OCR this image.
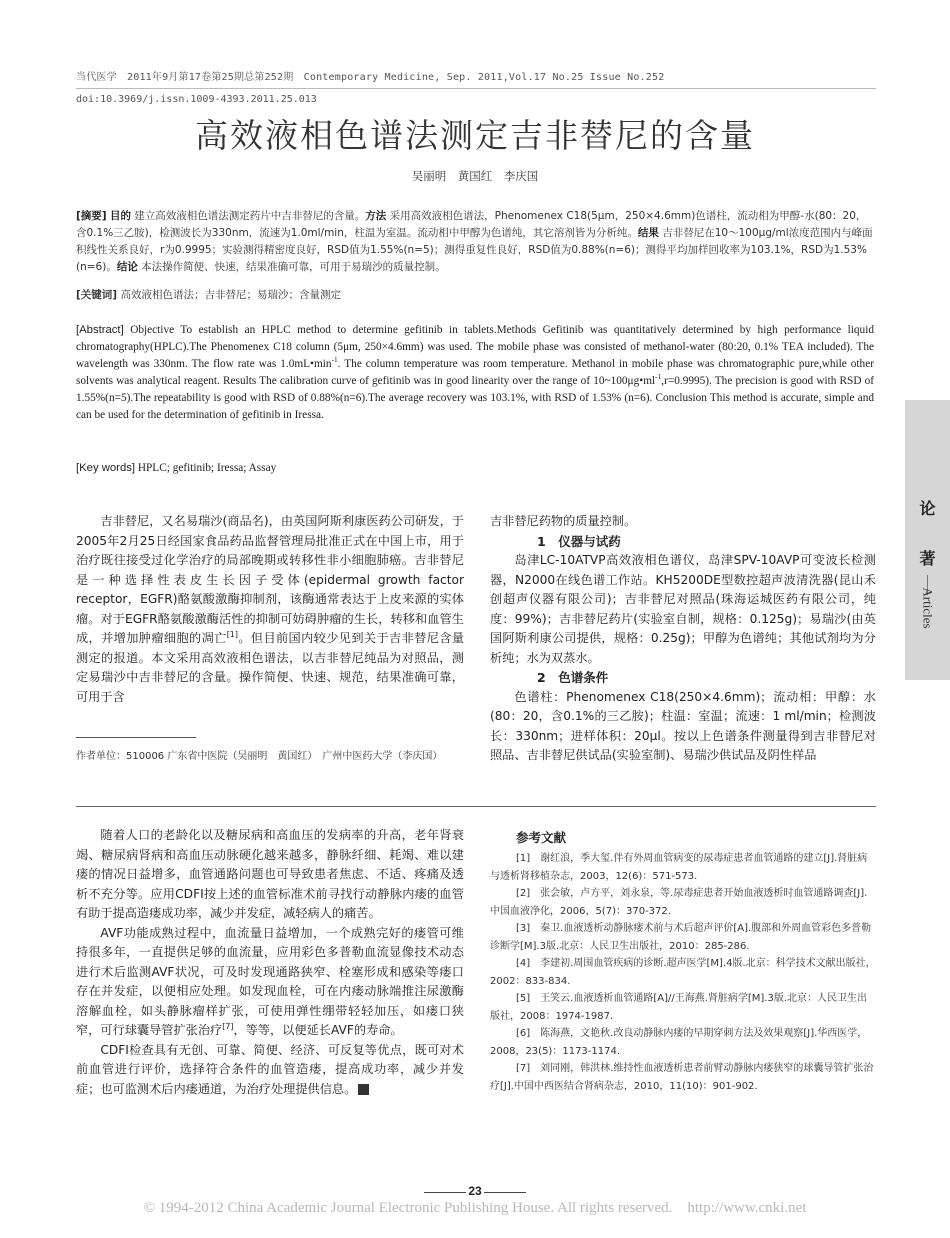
当代医学　2011年9月第17卷第25期总第252期　Contemporary Medicine, Sep. 2011,Vol.17 No.25 Issue No.252
doi:10.3969/j.issn.1009-4393.2011.25.013
高效液相色谱法测定吉非替尼的含量
吴丽明　黄国红　李庆国
[摘要] 目的 建立高效液相色谱法测定药片中吉非替尼的含量。方法 采用高效液相色谱法，Phenomenex C18(5μm，250×4.6mm)色谱柱，流动相为甲醇-水(80：20，含0.1%三乙胺)，检测波长为330nm，流速为1.0ml/min，柱温为室温。流动相中甲醇为色谱纯，其它溶剂皆为分析纯。结果 吉非替尼在10～100μg/ml浓度范围内与峰面积线性关系良好，r为0.9995；实验测得精密度良好，RSD值为1.55%(n=5)；测得重复性良好，RSD值为0.88%(n=6)；测得平均加样回收率为103.1%，RSD为1.53%(n=6)。结论 本法操作简便、快速，结果准确可靠，可用于易瑞沙的质量控制。
[关键词] 高效液相色谱法；吉非替尼；易瑞沙；含量测定
[Abstract] Objective To establish an HPLC method to determine gefitinib in tablets.Methods Gefitinib was quantitatively determined by high performance liquid chromatography(HPLC).The Phenomenex C18 column (5μm, 250×4.6mm) was used. The mobile phase was consisted of methanol-water (80:20, 0.1% TEA included). The wavelength was 330nm. The flow rate was $1.0mL•\min^{-1}$. The column temperature was room temperature. Methanol in mobile phase was chromatographic pure,while other solvents was analytical reagent. Results The calibration curve of gefitinib was in good linearity over the range of $10\sim 100\mu g•ml^{-1},r=0.9995$). The precision is good with RSD of 1.55%(n=5).The repeatability is good with RSD of 0.88%(n=6).The average recovery was 103.1%, with RSD of 1.53% (n=6). Conclusion This method is accurate, simple and can be used for the determination of gefitinib in Iressa.
[Key words] HPLC; gefitinib; Iressa; Assay

吉非替尼，又名易瑞沙(商品名)，由英国阿斯利康医药公司研发，于2005年2月25日经国家食品药品监督管理局批准正式在中国上市，用于治疗既往接受过化学治疗的局部晚期或转移性非小细胞肺癌。吉非替尼是一种选择性表皮生长因子受体(epidermal growth factor receptor，EGFR)酪氨酸激酶抑制剂，该酶通常表达于上皮来源的实体瘤。对于EGFR酪氨酸激酶活性的抑制可妨碍肿瘤的生长，转移和血管生成，并增加肿瘤细胞的凋亡[1]。但目前国内较少见到关于吉非替尼含量测定的报道。本文采用高效液相色谱法，以吉非替尼纯品为对照品，测定易瑞沙中吉非替尼的含量。操作简便、快速、规范，结果准确可靠，可用于含

作者单位：510006 广东省中医院（吴丽明　黄国红）　广州中医药大学（李庆国）

吉非替尼药物的质量控制。

1　仪器与试药

岛津LC-10ATVP高效液相色谱仪，岛津SPV-10AVP可变波长检测器，N2000在线色谱工作站。KH5200DE型数控超声波清洗器(昆山禾创超声仪器有限公司)；吉非替尼对照品(珠海运城医药有限公司，纯度：99%)；吉非替尼药片(实验室自制，规格：0.125g)；易瑞沙(由英国阿斯利康公司提供，规格：0.25g)；甲醇为色谱纯；其他试剂均为分析纯；水为双蒸水。

2　色谱条件

色谱柱：Phenomenex C18(250×4.6mm)；流动相：甲醇：水(80：20，含0.1%的三乙胺)；柱温：室温；流速：1 ml/min；检测波长：330nm；进样体积：20μl。按以上色谱条件测量得到吉非替尼对照品、吉非替尼供试品(实验室制)、易瑞沙供试品及阴性样品

随着人口的老龄化以及糖尿病和高血压的发病率的升高，老年肾衰竭、糖尿病肾病和高血压动脉硬化越来越多，静脉纤细、耗竭、难以建瘘的情况日益增多，血管通路问题也可导致患者焦虑、不适、疼痛及透析不充分等。应用CDFI按上述的血管标准术前寻找行动静脉内瘘的血管有助于提高造瘘成功率，减少并发症，减轻病人的痛苦。

AVF功能成熟过程中，血流量日益增加，一个成熟完好的瘘管可维持很多年，一直提供足够的血流量，应用彩色多普勒血流显像技术动态进行术后监测AVF状况，可及时发现通路狭窄、栓塞形成和感染等瘘口存在并发症，以便相应处理。如发现血栓，可在内瘘动脉端推注尿激酶溶解血栓，如头静脉瘤样扩张，可使用弹性绷带轻轻加压，如瘘口狭窄，可行球囊导管扩张治疗[7]，等等，以便延长AVF的寿命。

CDFI检查具有无创、可靠、简便、经济、可反复等优点，既可对术前血管进行评价，选择符合条件的血管造瘘，提高成功率，减少并发症；也可监测术后内瘘通道，为治疗处理提供信息。

参考文献
[1]　谢红浪，季大玺.伴有外周血管病变的尿毒症患者血管通路的建立[J].肾脏病与透析肾移植杂志，2003，12(6)：571-573.
[2]　张会敏，卢方平，刘永泉，等.尿毒症患者开始血液透析时血管通路调查[J].中国血液净化，2006，5(7)：370-372.
[3]　秦卫.血液透析动静脉瘘术前与术后超声评价[A].腹部和外周血管彩色多普勒诊断学[M].3版.北京：人民卫生出版社，2010：285-286.
[4]　李建初.周围血管疾病的诊断.超声医学[M].4版.北京：科学技术文献出版社，2002：833-834.
[5]　王笑云.血液透析血管通路[A]//王海燕.肾脏病学[M].3版.北京：人民卫生出版社，2008：1974-1987.
[6]　陈海燕，文艳秋.改良动静脉内瘘的早期穿刺方法及效果观察[J].华西医学，2008，23(5)：1173-1174.
[7]　刘同刚，韩洪林.维持性血液透析患者前臂动静脉内瘘狭窄的球囊导管扩张治疗[J].中国中西医结合肾病杂志，2010，11(10)：901-902.
论
著
Articles
23
© 1994-2012 China Academic Journal Electronic Publishing House. All rights reserved.　http://www.cnki.net
